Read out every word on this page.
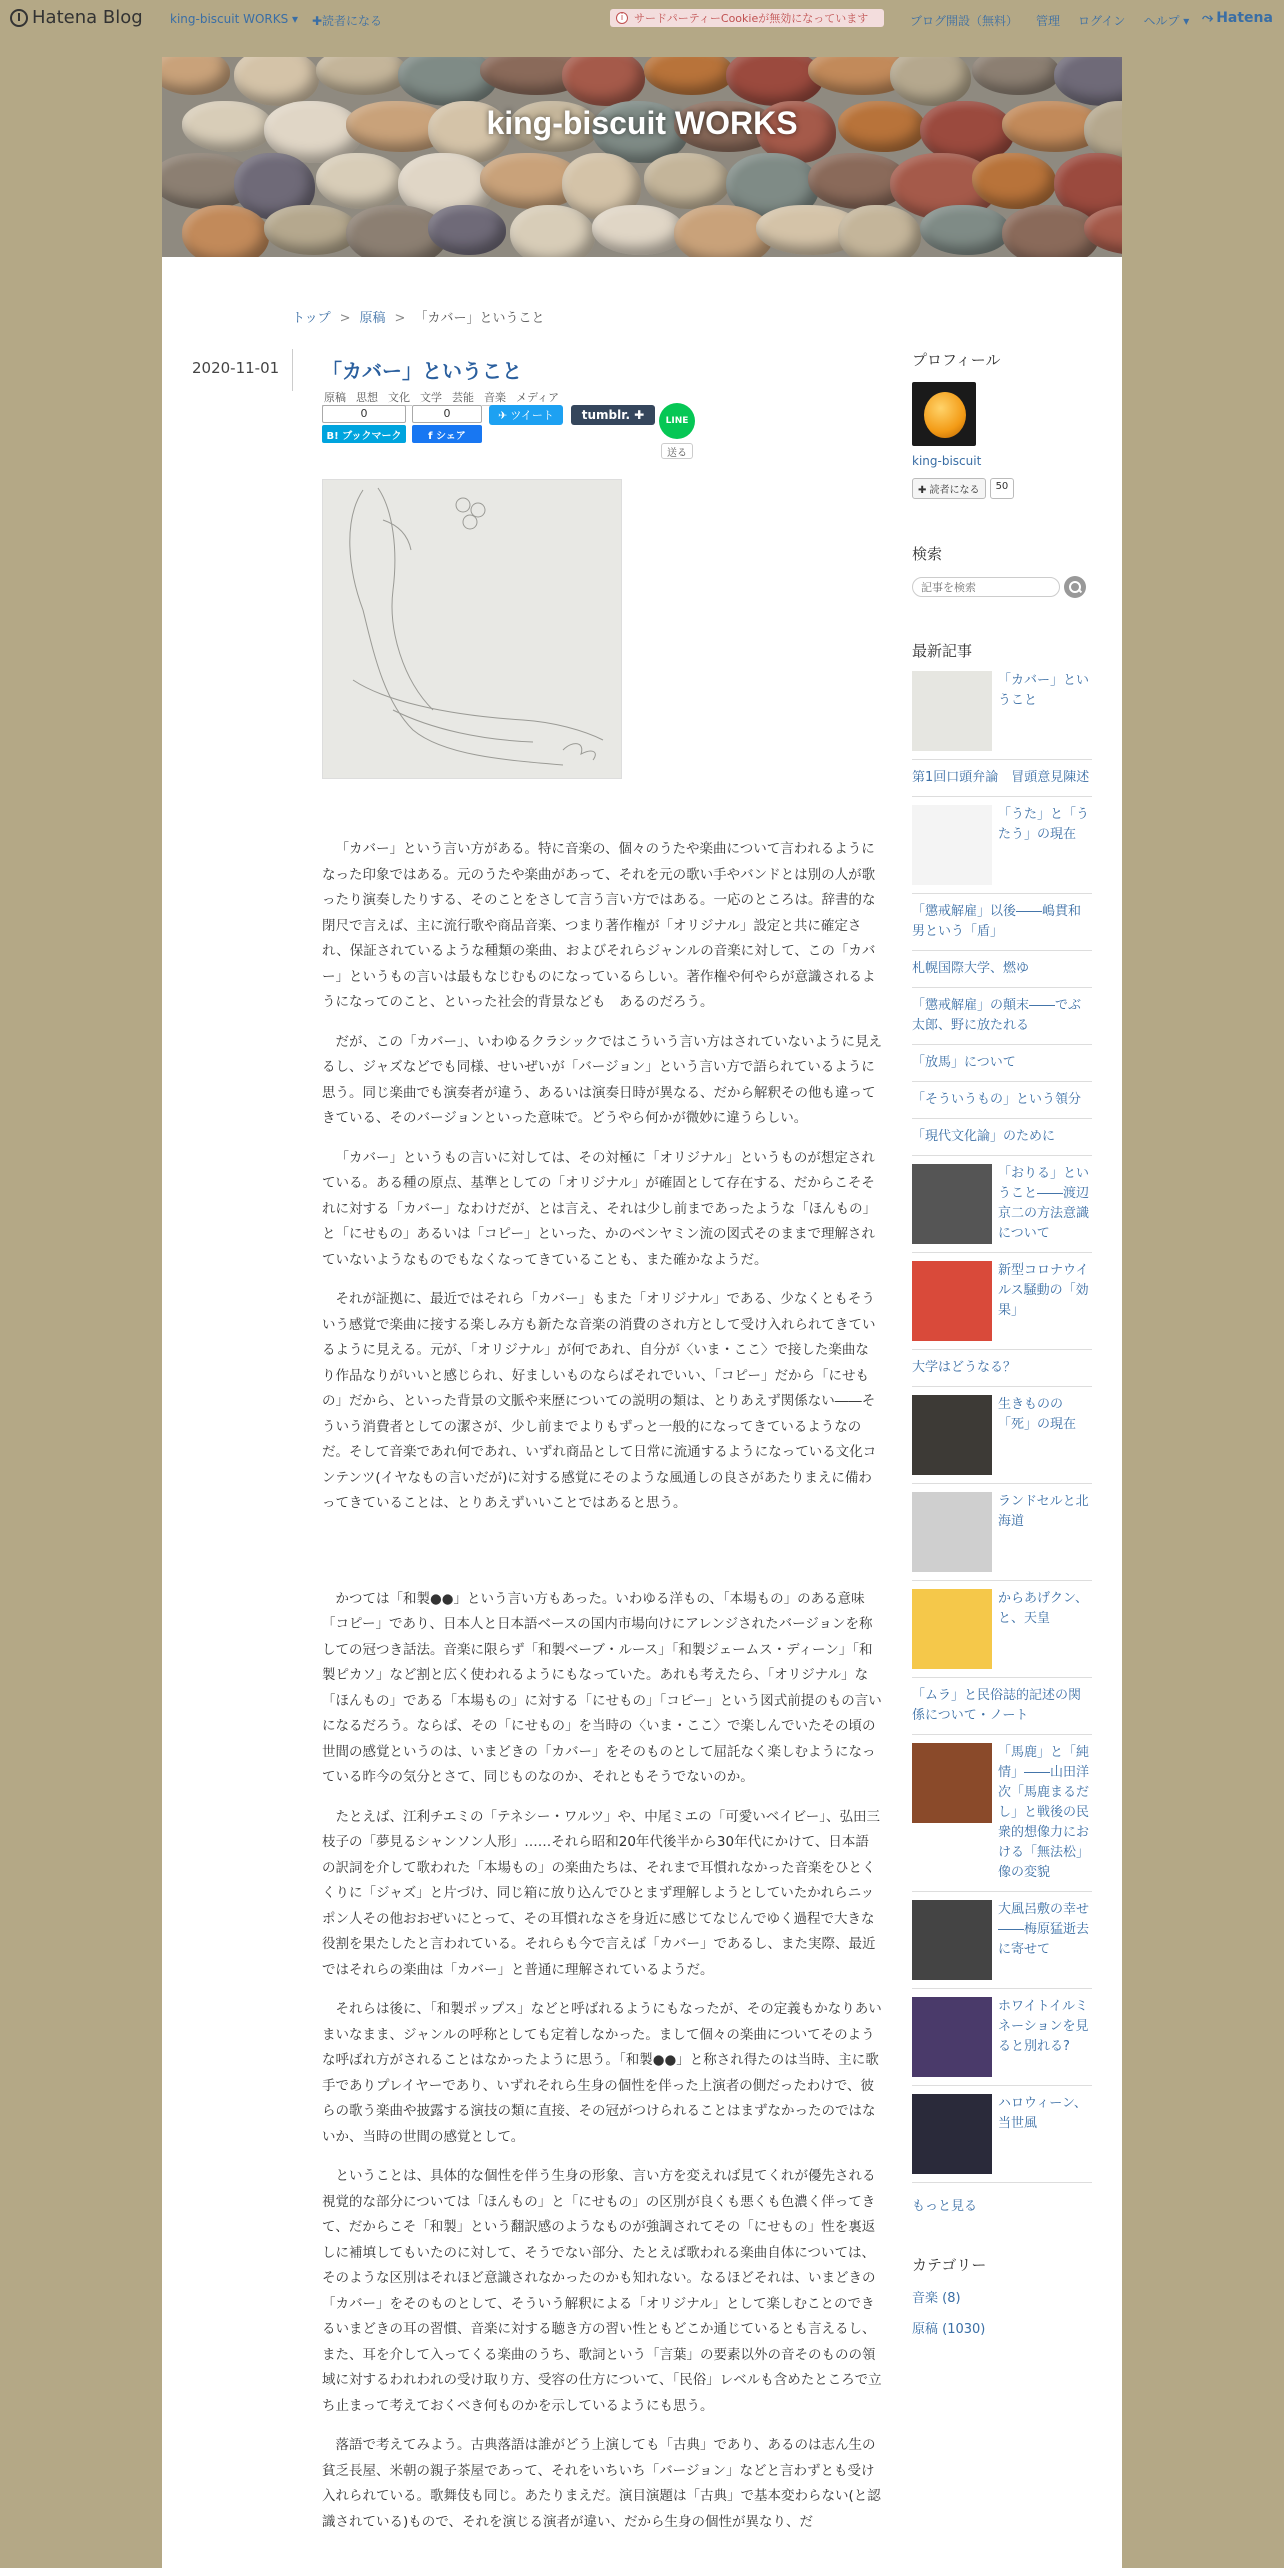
Hatena Blog king-biscuit WORKS ▾ ✚読者になる	i サードパーティーCookieが無効になっています	ブログ開設（無料） 管理 ログイン ヘルプ ▾ ⤳ Hatena
king-biscuit WORKS
トップ > 原稿 > 「カバー」ということ
2020-11-01 「カバー」ということ
原稿 思想 文化 文学 芸能 音楽 メディア
0
B! ブックマーク
0
f シェア
✈ ツイート	tumblr. ✚	LINE
送る

「カバー」という言い方がある。特に音楽の、個々のうたや楽曲について言われるようになった印象ではある。元のうたや楽曲があって、それを元の歌い手やバンドとは別の人が歌ったり演奏したりする、そのことをさして言う言い方ではある。一応のところは。辞書的な閉尺で言えば、主に流行歌や商品音楽、つまり著作権が「オリジナル」設定と共に確定され、保証されているような種類の楽曲、およびそれらジャンルの音楽に対して、この「カバー」というもの言いは最もなじむものになっているらしい。著作権や何やらが意識されるようになってのこと、といった社会的背景なども　あるのだろう。

だが、この「カバー」、いわゆるクラシックではこういう言い方はされていないように見えるし、ジャズなどでも同様、せいぜいが「バージョン」という言い方で語られているように思う。同じ楽曲でも演奏者が違う、あるいは演奏日時が異なる、だから解釈その他も違ってきている、そのバージョンといった意味で。どうやら何かが微妙に違うらしい。

「カバー」というもの言いに対しては、その対極に「オリジナル」というものが想定されている。ある種の原点、基準としての「オリジナル」が確固として存在する、だからこそそれに対する「カバー」なわけだが、とは言え、それは少し前まであったような「ほんもの」と「にせもの」あるいは「コピー」といった、かのベンヤミン流の図式そのままで理解されていないようなものでもなくなってきていることも、また確かなようだ。

それが証拠に、最近ではそれら「カバー」もまた「オリジナル」である、少なくともそういう感覚で楽曲に接する楽しみ方も新たな音楽の消費のされ方として受け入れられてきているように見える。元が、「オリジナル」が何であれ、自分が〈いま・ここ〉で接した楽曲なり作品なりがいいと感じられ、好ましいものならばそれでいい、「コピー」だから「にせもの」だから、といった背景の文脈や来歴についての説明の類は、とりあえず関係ない――そういう消費者としての潔さが、少し前までよりもずっと一般的になってきているようなのだ。そして音楽であれ何であれ、いずれ商品として日常に流通するようになっている文化コンテンツ(イヤなもの言いだが)に対する感覚にそのような風通しの良さがあたりまえに備わってきていることは、とりあえずいいことではあると思う。

かつては「和製●●」という言い方もあった。いわゆる洋もの、「本場もの」のある意味「コピー」であり、日本人と日本語ベースの国内市場向けにアレンジされたバージョンを称しての冠つき話法。音楽に限らず「和製ベーブ・ルース」「和製ジェームス・ディーン」「和製ピカソ」など割と広く使われるようにもなっていた。あれも考えたら、「オリジナル」な「ほんもの」である「本場もの」に対する「にせもの」「コピー」という図式前提のもの言いになるだろう。ならば、その「にせもの」を当時の〈いま・ここ〉で楽しんでいたその頃の世間の感覚というのは、いまどきの「カバー」をそのものとして屈託なく楽しむようになっている昨今の気分とさて、同じものなのか、それともそうでないのか。

たとえば、江利チエミの「テネシー・ワルツ」や、中尾ミエの「可愛いベイビー」、弘田三枝子の「夢見るシャンソン人形」……それら昭和20年代後半から30年代にかけて、日本語の訳詞を介して歌われた「本場もの」の楽曲たちは、それまで耳慣れなかった音楽をひとくくりに「ジャズ」と片づけ、同じ箱に放り込んでひとまず理解しようとしていたかれらニッポン人その他おおぜいにとって、その耳慣れなさを身近に感じてなじんでゆく過程で大きな役割を果たしたと言われている。それらも今で言えば「カバー」であるし、また実際、最近ではそれらの楽曲は「カバー」と普通に理解されているようだ。

それらは後に、「和製ポップス」などと呼ばれるようにもなったが、その定義もかなりあいまいなまま、ジャンルの呼称としても定着しなかった。まして個々の楽曲についてそのような呼ばれ方がされることはなかったように思う。「和製●●」と称され得たのは当時、主に歌手でありプレイヤーであり、いずれそれら生身の個性を伴った上演者の側だったわけで、彼らの歌う楽曲や披露する演技の類に直接、その冠がつけられることはまずなかったのではないか、当時の世間の感覚として。

ということは、具体的な個性を伴う生身の形象、言い方を変えれば見てくれが優先される視覚的な部分については「ほんもの」と「にせもの」の区別が良くも悪くも色濃く伴ってきて、だからこそ「和製」という翻訳感のようなものが強調されてその「にせもの」性を裏返しに補填してもいたのに対して、そうでない部分、たとえば歌われる楽曲自体については、そのような区別はそれほど意識されなかったのかも知れない。なるほどそれは、いまどきの「カバー」をそのものとして、そういう解釈による「オリジナル」として楽しむことのできるいまどきの耳の習慣、音楽に対する聴き方の習い性ともどこか通じているとも言えるし、また、耳を介して入ってくる楽曲のうち、歌詞という「言葉」の要素以外の音そのものの領域に対するわれわれの受け取り方、受容の仕方について、「民俗」レベルも含めたところで立ち止まって考えておくべき何ものかを示しているようにも思う。

落語で考えてみよう。古典落語は誰がどう上演しても「古典」であり、あるのは志ん生の貧乏長屋、米朝の親子茶屋であって、それをいちいち「バージョン」などと言わずとも受け入れられている。歌舞伎も同じ。あたりまえだ。演目演題は「古典」で基本変わらない(と認識されている)もので、それを演じる演者が違い、だから生身の個性が異なり、だ

プロフィール
king-biscuit
✚ 読者になる	50
検索
記事を検索
最新記事
「カバー」ということ
第1回口頭弁論　冒頭意見陳述
「うた」と「うたう」の現在
「懲戒解雇」以後――嶋貫和男という「盾」
札幌国際大学、燃ゆ
「懲戒解雇」の顛末――でぶ太郎、野に放たれる
「放馬」について
「そういうもの」という領分
「現代文化論」のために
「おりる」ということ――渡辺京二の方法意識について
新型コロナウイルス騒動の「効果」
大学はどうなる？
生きものの「死」の現在
ランドセルと北海道
からあげクン、と、天皇
「ムラ」と民俗誌的記述の関係について・ノート
「馬鹿」と「純情」――山田洋次「馬鹿まるだし」と戦後の民衆的想像力における「無法松」像の変貌
大風呂敷の幸せ――梅原猛逝去に寄せて
ホワイトイルミネーションを見ると別れる?
ハロウィーン、当世風
もっと見る
カテゴリー
音楽 (8)
原稿 (1030)
